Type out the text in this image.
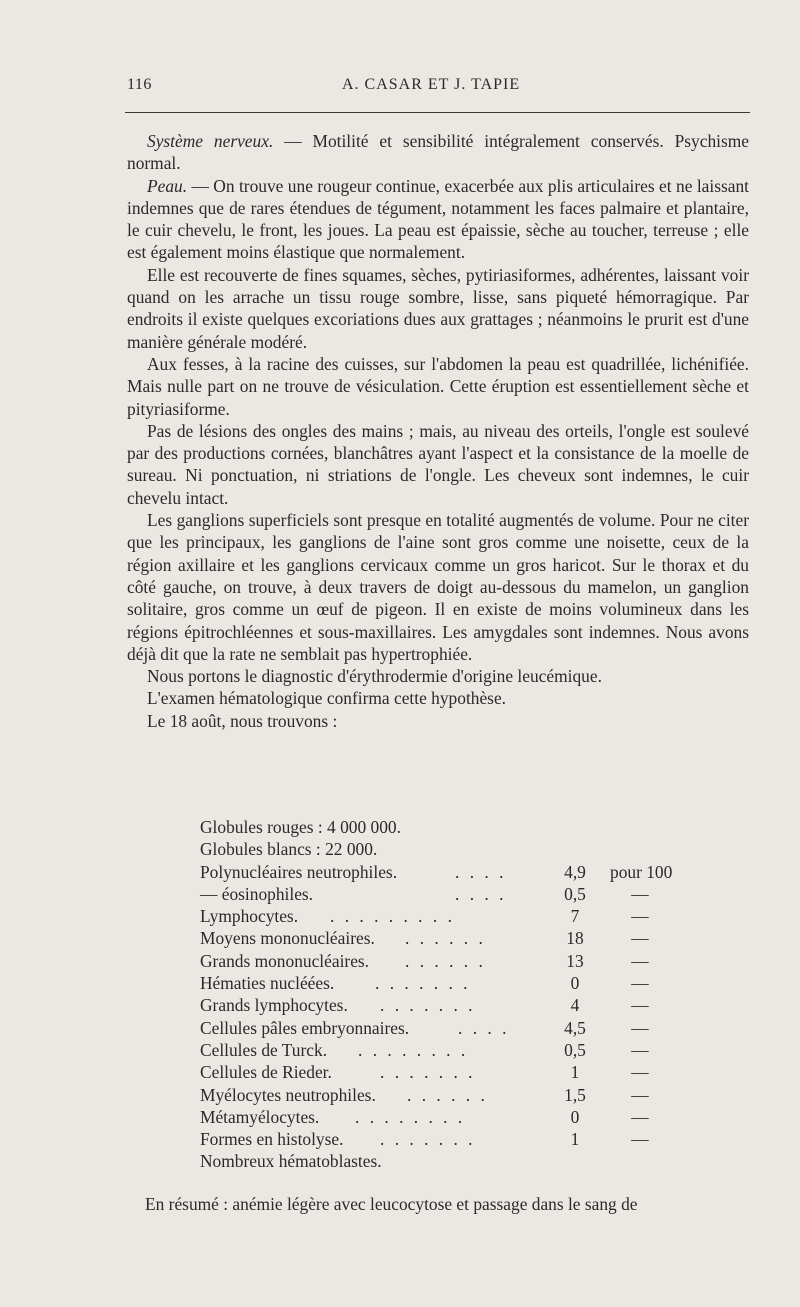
116	A. CASAR ET J. TAPIE

Système nerveux. — Motilité et sensibilité intégralement conservés. Psychisme normal.

Peau. — On trouve une rougeur continue, exacerbée aux plis articulaires et ne laissant indemnes que de rares étendues de tégument, notamment les faces palmaire et plantaire, le cuir chevelu, le front, les joues. La peau est épaissie, sèche au toucher, terreuse ; elle est également moins élastique que normalement.

Elle est recouverte de fines squames, sèches, pytiriasiformes, adhérentes, laissant voir quand on les arrache un tissu rouge sombre, lisse, sans piqueté hémorragique. Par endroits il existe quelques excoriations dues aux grattages ; néanmoins le prurit est d'une manière générale modéré.

Aux fesses, à la racine des cuisses, sur l'abdomen la peau est quadrillée, lichénifiée. Mais nulle part on ne trouve de vésiculation. Cette éruption est essentiellement sèche et pityriasiforme.

Pas de lésions des ongles des mains ; mais, au niveau des orteils, l'ongle est soulevé par des productions cornées, blanchâtres ayant l'aspect et la consistance de la moelle de sureau. Ni ponctuation, ni striations de l'ongle. Les cheveux sont indemnes, le cuir chevelu intact.

Les ganglions superficiels sont presque en totalité augmentés de volume. Pour ne citer que les principaux, les ganglions de l'aine sont gros comme une noisette, ceux de la région axillaire et les ganglions cervicaux comme un gros haricot. Sur le thorax et du côté gauche, on trouve, à deux travers de doigt au-dessous du mamelon, un ganglion solitaire, gros comme un œuf de pigeon. Il en existe de moins volumineux dans les régions épitrochléennes et sous-maxillaires. Les amygdales sont indemnes. Nous avons déjà dit que la rate ne semblait pas hypertrophiée.

Nous portons le diagnostic d'érythrodermie d'origine leucémique.

L'examen hématologique confirma cette hypothèse.

Le 18 août, nous trouvons :

Globules rouges : 4 000 000.
Globules blancs : 22 000.
Polynucléaires neutrophiles.	. . . .	4,9	pour 100
— éosinophiles.	. . . .	0,5	—
Lymphocytes. . . . . . . . . .	7	—
Moyens mononucléaires. . . . . . .	18	—
Grands mononucléaires. . . . . . .	13	—
Hématies nucléées. . . . . . . .	0	—
Grands lymphocytes. . . . . . . .	4	—
Cellules pâles embryonnaires.	. . . .	4,5	—
Cellules de Turck. . . . . . . . .	0,5	—
Cellules de Rieder.	. . . . . . .	1	—
Myélocytes neutrophiles. . . . . . .	1,5	—
Métamyélocytes. . . . . . . . .	0	—
Formes en histolyse. . . . . . . .	1	—
Nombreux hématoblastes.
En résumé : anémie légère avec leucocytose et passage dans le sang de
